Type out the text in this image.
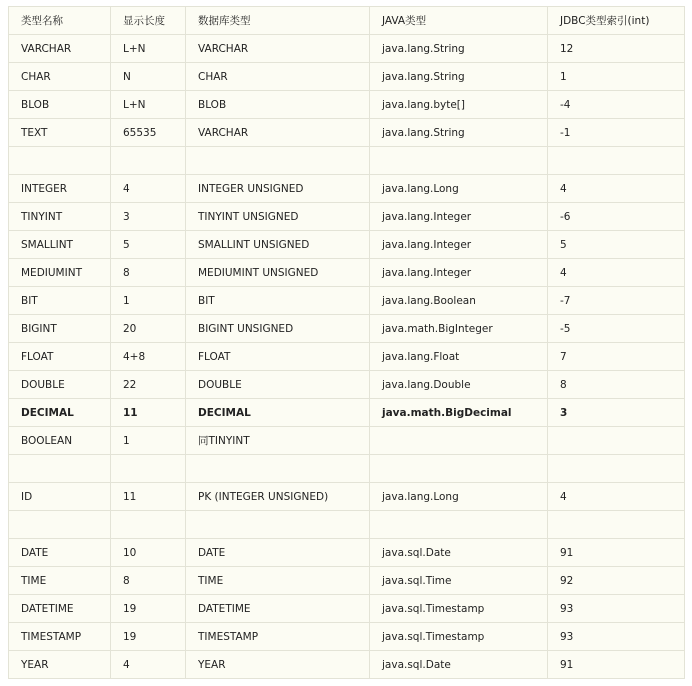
类型名称	显示长度	数据库类型	JAVA类型	JDBC类型索引(int)
VARCHAR	L+N	VARCHAR	java.lang.String	12
CHAR	N	CHAR	java.lang.String	1
BLOB	L+N	BLOB	java.lang.byte[]	-4
TEXT	65535	VARCHAR	java.lang.String	-1

INTEGER	4	INTEGER UNSIGNED	java.lang.Long	4
TINYINT	3	TINYINT UNSIGNED	java.lang.Integer	-6
SMALLINT	5	SMALLINT UNSIGNED	java.lang.Integer	5
MEDIUMINT	8	MEDIUMINT UNSIGNED	java.lang.Integer	4
BIT	1	BIT	java.lang.Boolean	-7
BIGINT	20	BIGINT UNSIGNED	java.math.BigInteger	-5
FLOAT	4+8	FLOAT	java.lang.Float	7
DOUBLE	22	DOUBLE	java.lang.Double	8
DECIMAL	11	DECIMAL	java.math.BigDecimal	3
BOOLEAN	1	同TINYINT		

ID	11	PK (INTEGER UNSIGNED)	java.lang.Long	4

DATE	10	DATE	java.sql.Date	91
TIME	8	TIME	java.sql.Time	92
DATETIME	19	DATETIME	java.sql.Timestamp	93
TIMESTAMP	19	TIMESTAMP	java.sql.Timestamp	93
YEAR	4	YEAR	java.sql.Date	91
